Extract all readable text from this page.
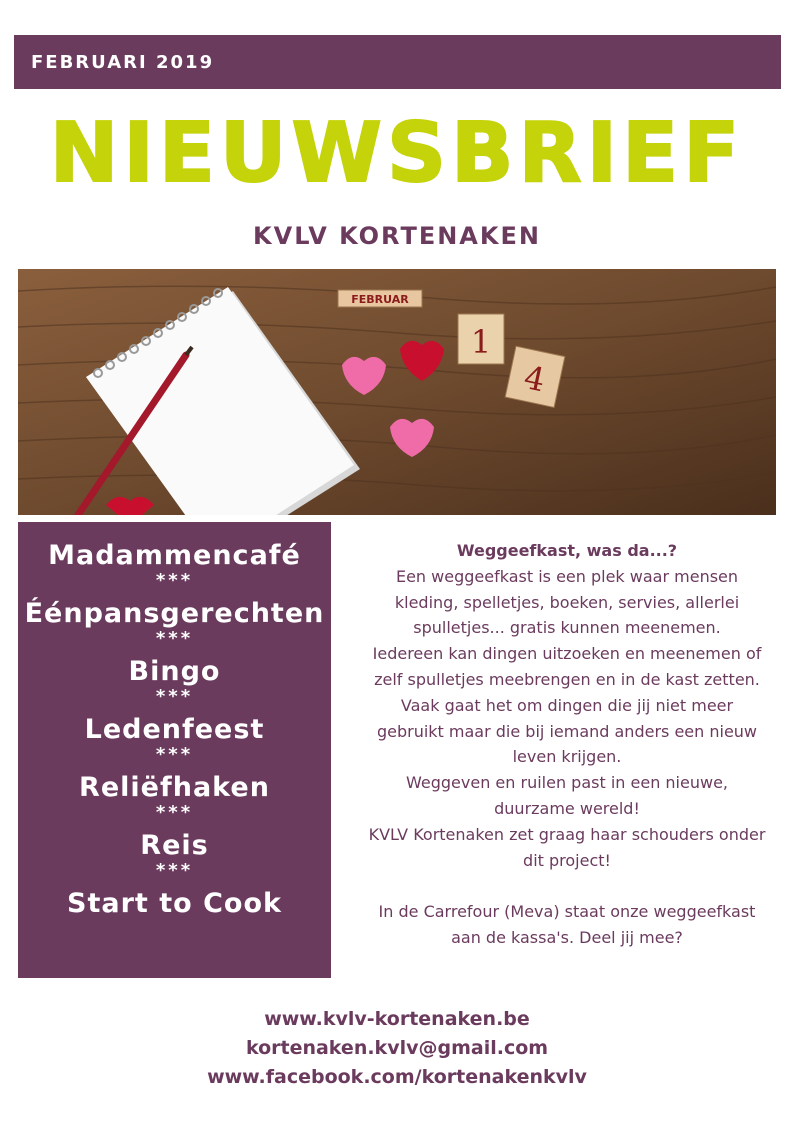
FEBRUARI 2019
NIEUWSBRIEF
KVLV KORTENAKEN
FEBRUAR
1
4
Madammencafé
***
Éénpansgerechten
***
Bingo
***
Ledenfeest
***
Reliëfhaken
***
Reis
***
Start to Cook
Weggeefkast, was da...?
Een weggeefkast is een plek waar mensen
kleding, spelletjes, boeken, servies, allerlei
spulletjes... gratis kunnen meenemen.
Iedereen kan dingen uitzoeken en meenemen of
zelf spulletjes meebrengen en in de kast zetten.
Vaak gaat het om dingen die jij niet meer
gebruikt maar die bij iemand anders een nieuw
leven krijgen.
Weggeven en ruilen past in een nieuwe,
duurzame wereld!
KVLV Kortenaken zet graag haar schouders onder
dit project!
In de Carrefour (Meva) staat onze weggeefkast
aan de kassa's. Deel jij mee?
www.kvlv-kortenaken.be
kortenaken.kvlv@gmail.com
www.facebook.com/kortenakenkvlv
